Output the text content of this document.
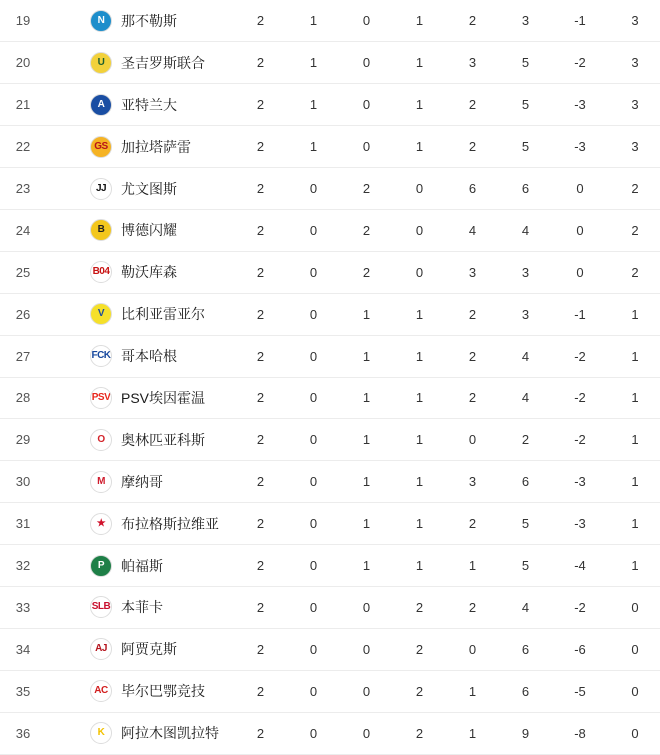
19	N 那不勒斯	2	1	0	1	2	3	-1	3
20	U 圣吉罗斯联合	2	1	0	1	3	5	-2	3
21	A 亚特兰大	2	1	0	1	2	5	-3	3
22	GS 加拉塔萨雷	2	1	0	1	2	5	-3	3
23	JJ 尤文图斯	2	0	2	0	6	6	0	2
24	B 博德闪耀	2	0	2	0	4	4	0	2
25	B04 勒沃库森	2	0	2	0	3	3	0	2
26	V 比利亚雷亚尔	2	0	1	1	2	3	-1	1
27	FCK 哥本哈根	2	0	1	1	2	4	-2	1
28	PSV PSV埃因霍温	2	0	1	1	2	4	-2	1
29	O 奥林匹亚科斯	2	0	1	1	0	2	-2	1
30	M 摩纳哥	2	0	1	1	3	6	-3	1
31	★ 布拉格斯拉维亚	2	0	1	1	2	5	-3	1
32	P 帕福斯	2	0	1	1	1	5	-4	1
33	SLB 本菲卡	2	0	0	2	2	4	-2	0
34	AJ 阿贾克斯	2	0	0	2	0	6	-6	0
35	AC 毕尔巴鄂竞技	2	0	0	2	1	6	-5	0
36	K 阿拉木图凯拉特	2	0	0	2	1	9	-8	0
